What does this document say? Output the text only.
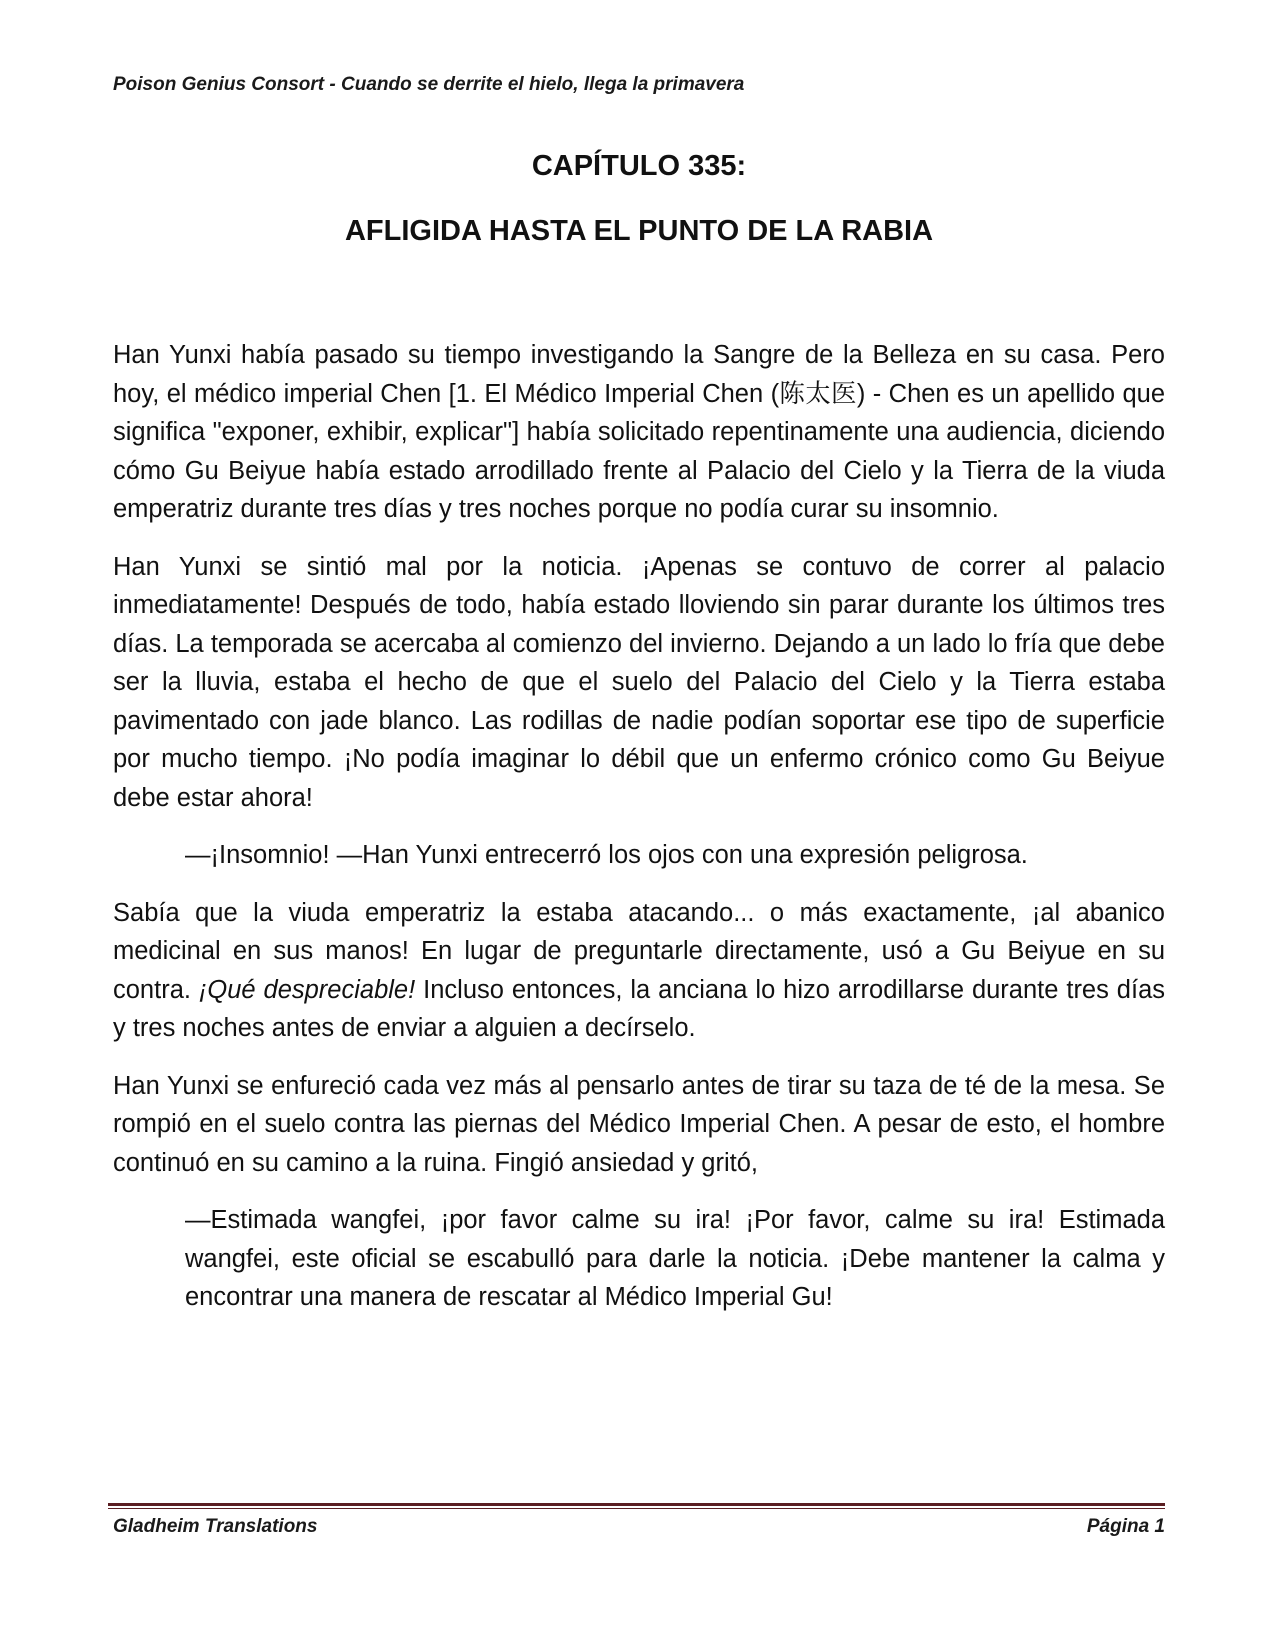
Poison Genius Consort - Cuando se derrite el hielo, llega la primavera
CAPÍTULO 335:
AFLIGIDA HASTA EL PUNTO DE LA RABIA

Han Yunxi había pasado su tiempo investigando la Sangre de la Belleza en su casa. Pero hoy, el médico imperial Chen [1. El Médico Imperial Chen (陈太医) - Chen es un apellido que significa "exponer, exhibir, explicar"] había solicitado repentinamente una audiencia, diciendo cómo Gu Beiyue había estado arrodillado frente al Palacio del Cielo y la Tierra de la viuda emperatriz durante tres días y tres noches porque no podía curar su insomnio.

Han Yunxi se sintió mal por la noticia. ¡Apenas se contuvo de correr al palacio inmediatamente! Después de todo, había estado lloviendo sin parar durante los últimos tres días. La temporada se acercaba al comienzo del invierno. Dejando a un lado lo fría que debe ser la lluvia, estaba el hecho de que el suelo del Palacio del Cielo y la Tierra estaba pavimentado con jade blanco. Las rodillas de nadie podían soportar ese tipo de superficie por mucho tiempo. ¡No podía imaginar lo débil que un enfermo crónico como Gu Beiyue debe estar ahora!

—¡Insomnio! —Han Yunxi entrecerró los ojos con una expresión peligrosa.

Sabía que la viuda emperatriz la estaba atacando... o más exactamente, ¡al abanico medicinal en sus manos! En lugar de preguntarle directamente, usó a Gu Beiyue en su contra. ¡Qué despreciable! Incluso entonces, la anciana lo hizo arrodillarse durante tres días y tres noches antes de enviar a alguien a decírselo.

Han Yunxi se enfureció cada vez más al pensarlo antes de tirar su taza de té de la mesa. Se rompió en el suelo contra las piernas del Médico Imperial Chen. A pesar de esto, el hombre continuó en su camino a la ruina. Fingió ansiedad y gritó,

—Estimada wangfei, ¡por favor calme su ira! ¡Por favor, calme su ira! Estimada wangfei, este oficial se escabulló para darle la noticia. ¡Debe mantener la calma y encontrar una manera de rescatar al Médico Imperial Gu!

Gladheim Translations	Página 1
